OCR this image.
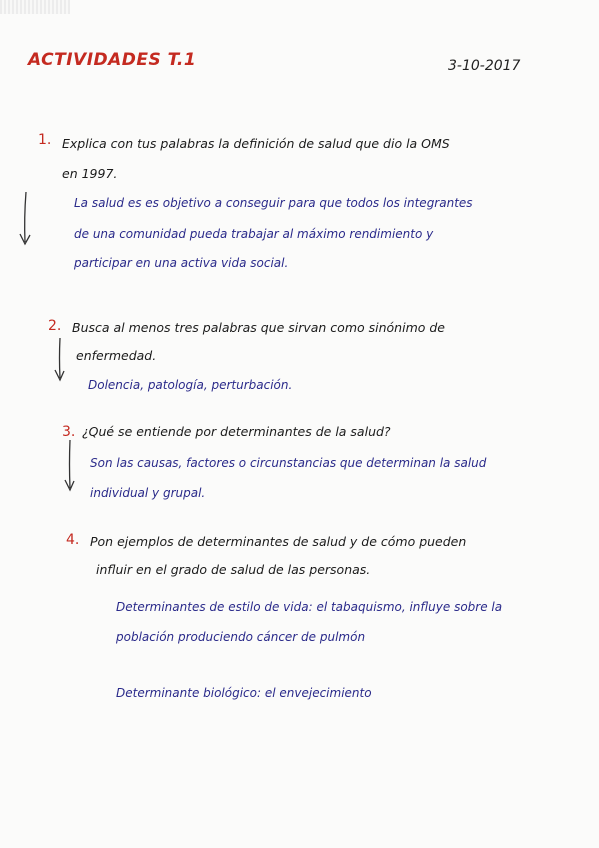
ACTIVIDADES T.1	3-10-2017
1. Explica con tus palabras la definición de salud que dio la OMS
en 1997.
La salud es es objetivo a conseguir para que todos los integrantes
de una comunidad pueda trabajar al máximo rendimiento y
participar en una activa vida social.
2. Busca al menos tres palabras que sirvan como sinónimo de
enfermedad.
Dolencia, patología, perturbación.
3. ¿Qué se entiende por determinantes de la salud?
Son las causas, factores o circunstancias que determinan la salud
individual y grupal.
4. Pon ejemplos de determinantes de salud y de cómo pueden
influir en el grado de salud de las personas.
Determinantes de estilo de vida: el tabaquismo, influye sobre la
población produciendo cáncer de pulmón
Determinante biológico: el envejecimiento
